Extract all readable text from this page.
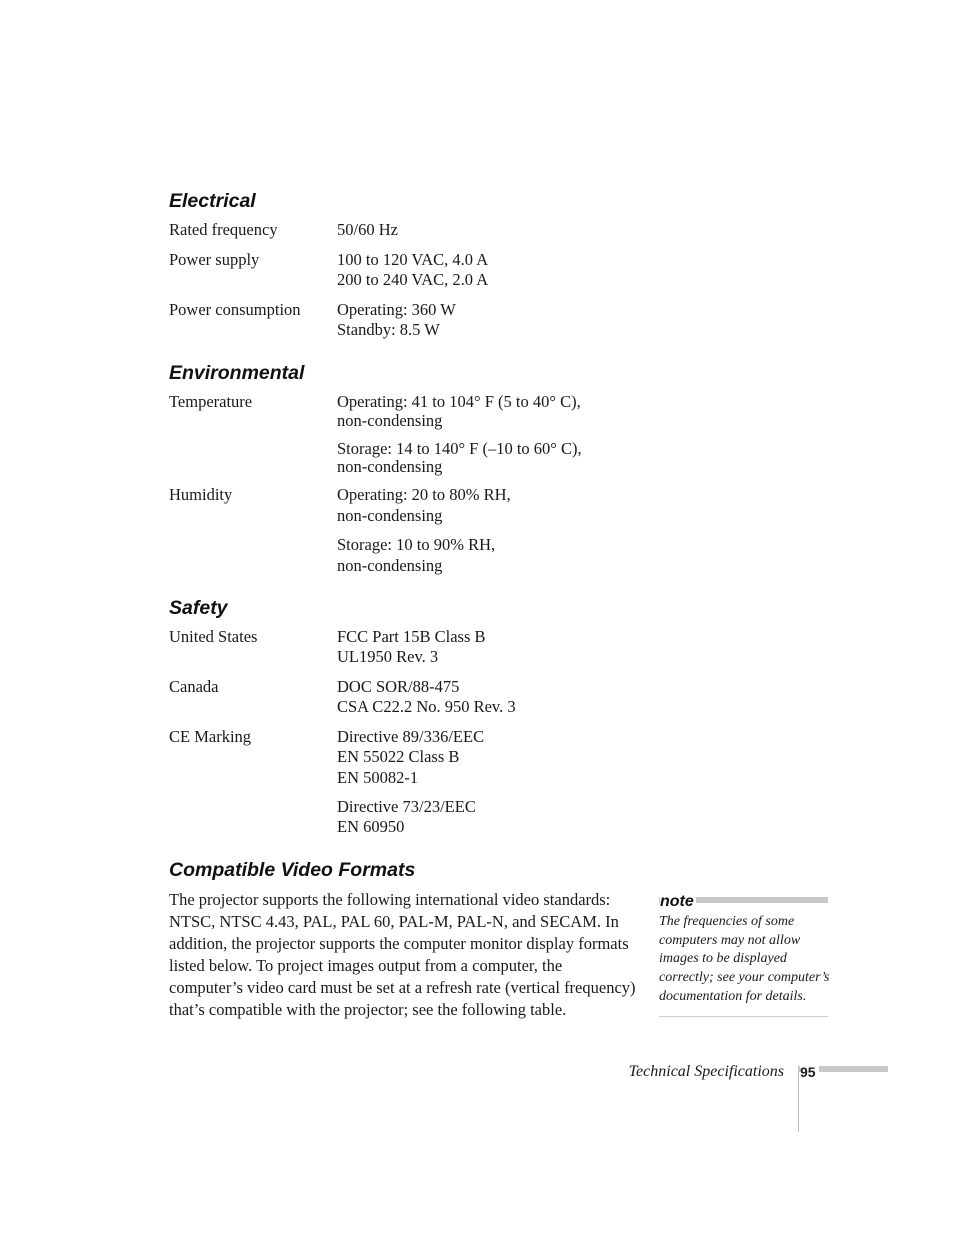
Electrical
Rated frequency	50/60 Hz
Power supply	100 to 120 VAC, 4.0 A
200 to 240 VAC, 2.0 A
Power consumption Operating: 360 W
Standby: 8.5 W
Environmental
Temperature	Operating: 41 to 104° F (5 to 40° C),
non-condensing
Storage: 14 to 140° F (–10 to 60° C),
non-condensing
Humidity	Operating: 20 to 80% RH,
non-condensing
Storage: 10 to 90% RH,
non-condensing
Safety
United States	FCC Part 15B Class B
UL1950 Rev. 3
Canada	DOC SOR/88-475
CSA C22.2 No. 950 Rev. 3
CE Marking	Directive 89/336/EEC
EN 55022 Class B
EN 50082-1
Directive 73/23/EEC
EN 60950
Compatible Video Formats

The projector supports the following international video standards: NTSC, NTSC 4.43, PAL, PAL 60, PAL-M, PAL-N, and SECAM. In addition, the projector supports the computer monitor display formats listed below. To project images output from a computer, the computer’s video card must be set at a refresh rate (vertical frequency) that’s compatible with the projector; see the following table.

note

The frequencies of some computers may not allow images to be displayed correctly; see your computer’s documentation for details.

Technical Specifications 95
